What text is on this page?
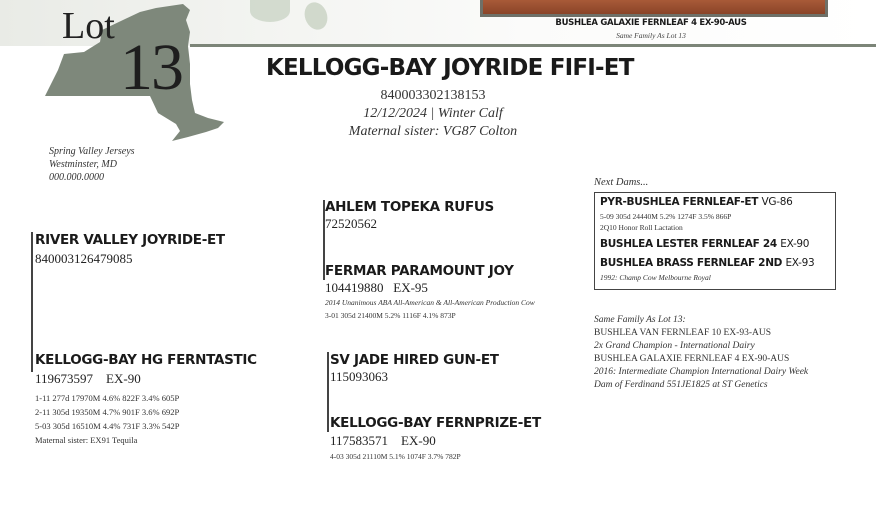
BUSHLEA GALAXIE FERNLEAF 4 EX-90-AUS
Same Family As Lot 13
Lot
13	KELLOGG-BAY JOYRIDE FIFI-ET
840003302138153
12/12/2024 | Winter Calf
Maternal sister: VG87 Colton
Spring Valley Jerseys
Westminster, MD
000.000.0000
RIVER VALLEY JOYRIDE-ET
840003126479085
AHLEM TOPEKA RUFUS
72520562
FERMAR PARAMOUNT JOY
104419880 EX-95
2014 Unanimous ABA All-American & All-American Production Cow
3-01 305d 21400M 5.2% 1116F 4.1% 873P
KELLOGG-BAY HG FERNTASTIC
119673597 EX-90
1-11 277d 17970M 4.6% 822F 3.4% 605P
2-11 305d 19350M 4.7% 901F 3.6% 692P
5-03 305d 16510M 4.4% 731F 3.3% 542P
Maternal sister: EX91 Tequila
SV JADE HIRED GUN-ET
115093063
KELLOGG-BAY FERNPRIZE-ET
117583571 EX-90
4-03 305d 21110M 5.1% 1074F 3.7% 782P
Next Dams...
PYR-BUSHLEA FERNLEAF-ET VG-86
5-09 305d 24440M 5.2% 1274F 3.5% 866P
2Q10 Honor Roll Lactation
BUSHLEA LESTER FERNLEAF 24 EX-90
BUSHLEA BRASS FERNLEAF 2ND EX-93
1992: Champ Cow Melbourne Royal
Same Family As Lot 13:
BUSHLEA VAN FERNLEAF 10 EX-93-AUS
2x Grand Champion - International Dairy
BUSHLEA GALAXIE FERNLEAF 4 EX-90-AUS
2016: Intermediate Champion International Dairy Week
Dam of Ferdinand 551JE1825 at ST Genetics
